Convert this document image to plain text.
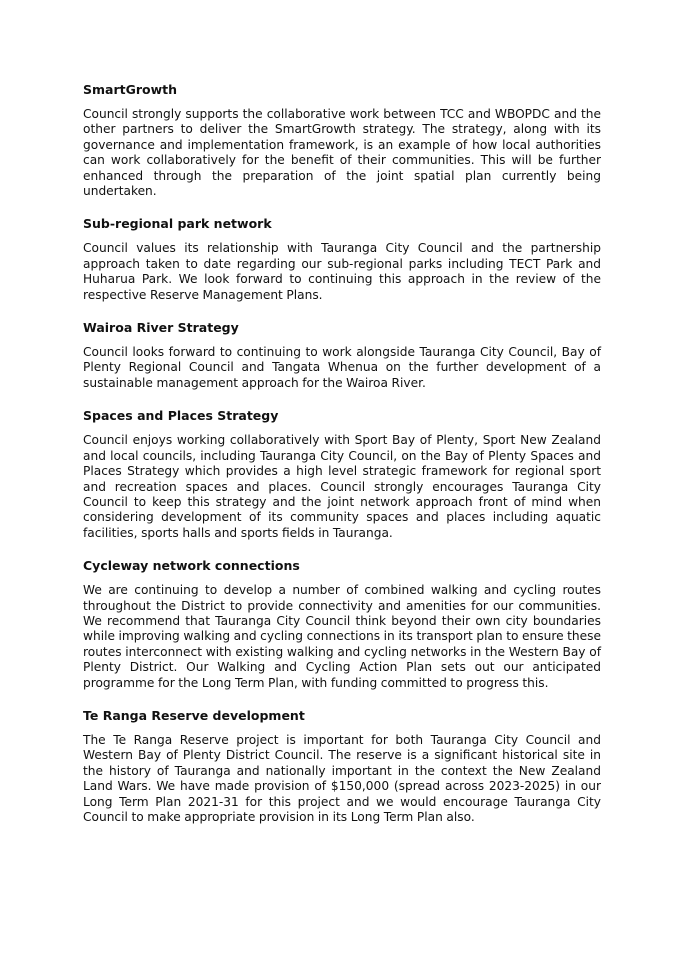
SmartGrowth

Council strongly supports the collaborative work between TCC and WBOPDC and the other partners to deliver the SmartGrowth strategy. The strategy, along with its governance and implementation framework, is an example of how local authorities can work collaboratively for the benefit of their communities. This will be further enhanced through the preparation of the joint spatial plan currently being undertaken.

Sub-regional park network

Council values its relationship with Tauranga City Council and the partnership approach taken to date regarding our sub-regional parks including TECT Park and Huharua Park. We look forward to continuing this approach in the review of the respective Reserve Management Plans.

Wairoa River Strategy

Council looks forward to continuing to work alongside Tauranga City Council, Bay of Plenty Regional Council and Tangata Whenua on the further development of a sustainable management approach for the Wairoa River.

Spaces and Places Strategy

Council enjoys working collaboratively with Sport Bay of Plenty, Sport New Zealand and local councils, including Tauranga City Council, on the Bay of Plenty Spaces and Places Strategy which provides a high level strategic framework for regional sport and recreation spaces and places. Council strongly encourages Tauranga City Council to keep this strategy and the joint network approach front of mind when considering development of its community spaces and places including aquatic facilities, sports halls and sports fields in Tauranga.

Cycleway network connections

We are continuing to develop a number of combined walking and cycling routes throughout the District to provide connectivity and amenities for our communities. We recommend that Tauranga City Council think beyond their own city boundaries while improving walking and cycling connections in its transport plan to ensure these routes interconnect with existing walking and cycling networks in the Western Bay of Plenty District. Our Walking and Cycling Action Plan sets out our anticipated programme for the Long Term Plan, with funding committed to progress this.

Te Ranga Reserve development

The Te Ranga Reserve project is important for both Tauranga City Council and Western Bay of Plenty District Council. The reserve is a significant historical site in the history of Tauranga and nationally important in the context the New Zealand Land Wars. We have made provision of $150,000 (spread across 2023-2025) in our Long Term Plan 2021-31 for this project and we would encourage Tauranga City Council to make appropriate provision in its Long Term Plan also.
